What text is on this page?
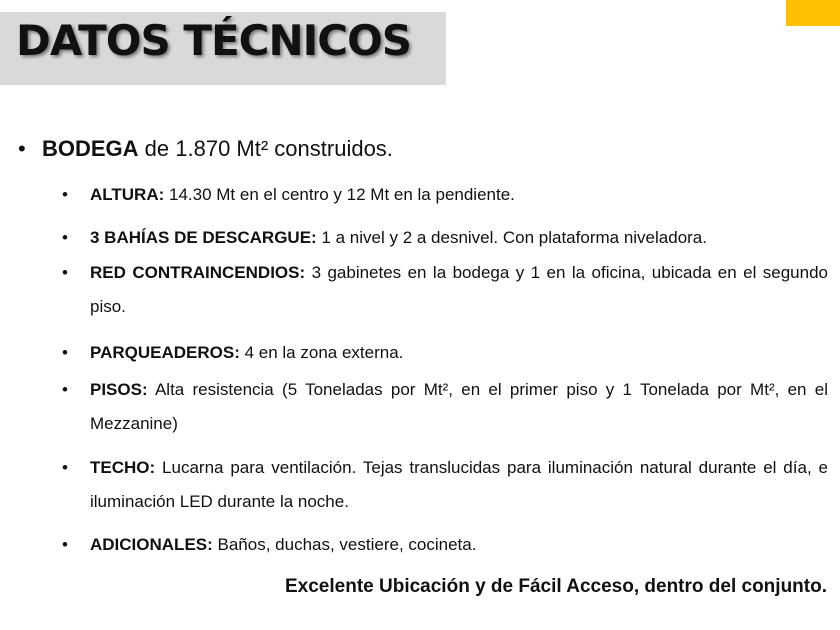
DATOS TÉCNICOS
• BODEGA de 1.870 Mt² construidos.
• ALTURA: 14.30 Mt en el centro y 12 Mt en la pendiente.
• 3 BAHÍAS DE DESCARGUE: 1 a nivel y 2 a desnivel. Con plataforma niveladora.
• RED CONTRAINCENDIOS: 3 gabinetes en la bodega y 1 en la oficina, ubicada en el segundo piso.
• PARQUEADEROS: 4 en la zona externa.
• PISOS: Alta resistencia (5 Toneladas por Mt², en el primer piso y 1 Tonelada por Mt², en el Mezzanine)
• TECHO: Lucarna para ventilación. Tejas translucidas para iluminación natural durante el día, e iluminación LED durante la noche.
• ADICIONALES: Baños, duchas, vestiere, cocineta.
Excelente Ubicación y de Fácil Acceso, dentro del conjunto.
